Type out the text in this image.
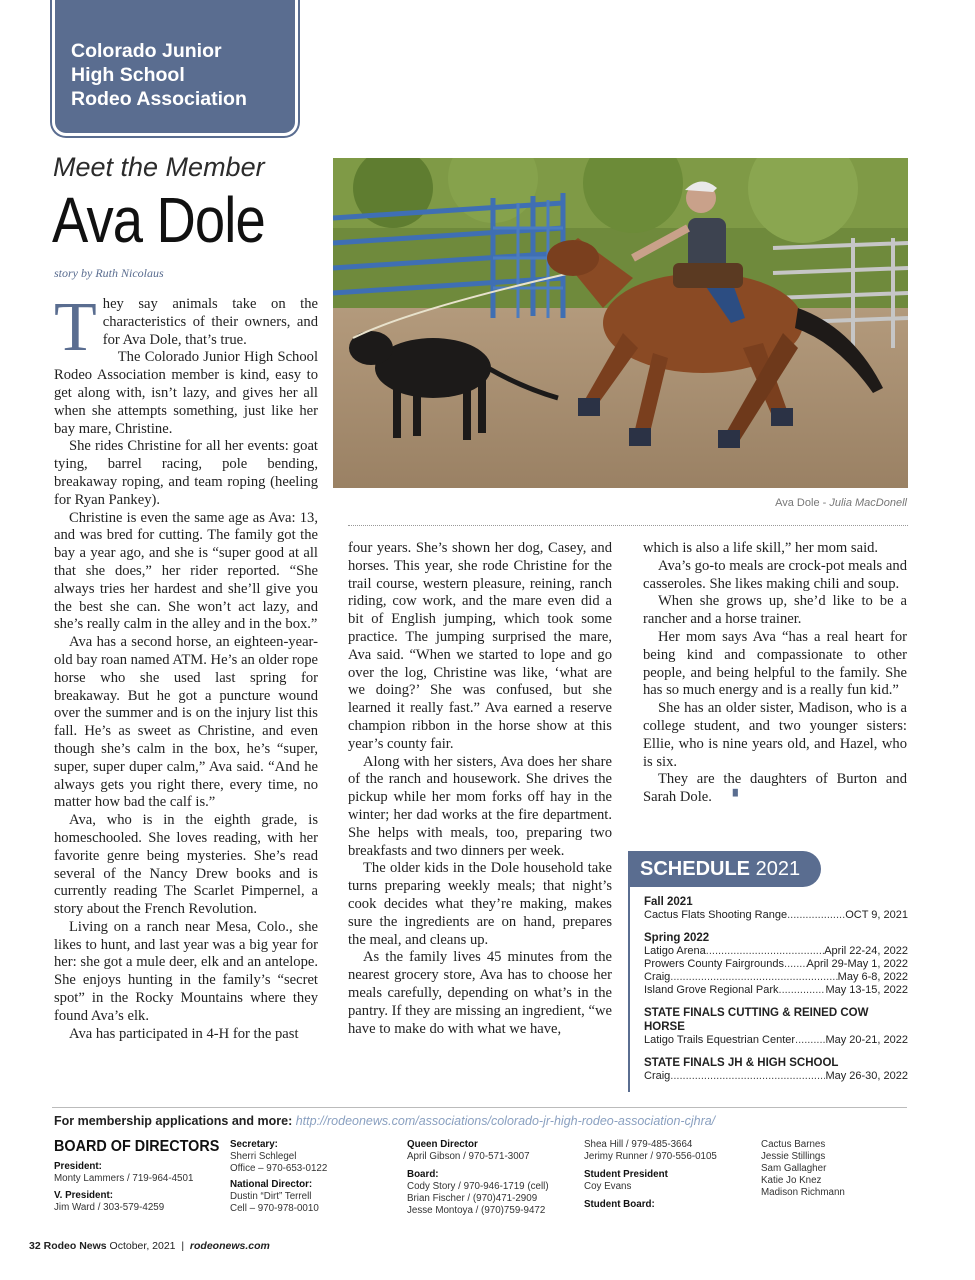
Colorado Junior
High School
Rodeo Association
Meet the Member
Ava Dole
story by Ruth Nicolaus
Ava Dole - Julia MacDonell

They say animals take on the characteristics of their owners, and for Ava Dole, that’s true.

The Colorado Junior High School Rodeo Association member is kind, easy to get along with, isn’t lazy, and gives her all when she attempts something, just like her bay mare, Christine.

She rides Christine for all her events: goat tying, barrel racing, pole bending, breakaway roping, and team roping (heeling for Ryan Pankey).

Christine is even the same age as Ava: 13, and was bred for cutting. The family got the bay a year ago, and she is “super good at all that she does,” her rider reported. “She always tries her hardest and she’ll give you the best she can. She won’t act lazy, and she’s really calm in the alley and in the box.”

Ava has a second horse, an eighteen-year-old bay roan named ATM. He’s an older rope horse who she used last spring for breakaway. But he got a puncture wound over the summer and is on the injury list this fall. He’s as sweet as Christine, and even though she’s calm in the box, he’s “super, super, super duper calm,” Ava said. “And he always gets you right there, every time, no matter how bad the calf is.”

Ava, who is in the eighth grade, is homeschooled. She loves reading, with her favorite genre being mysteries. She’s read several of the Nancy Drew books and is currently reading The Scarlet Pimpernel, a story about the French Revolution.

Living on a ranch near Mesa, Colo., she likes to hunt, and last year was a big year for her: she got a mule deer, elk and an antelope. She enjoys hunting in the family’s “secret spot” in the Rocky Mountains where they found Ava’s elk.

Ava has participated in 4-H for the past

four years. She’s shown her dog, Casey, and horses. This year, she rode Christine for the trail course, western pleasure, reining, ranch riding, cow work, and the mare even did a bit of English jumping, which took some practice. The jumping surprised the mare, Ava said. “When we started to lope and go over the log, Christine was like, ‘what are we doing?’ She was confused, but she learned it really fast.” Ava earned a reserve champion ribbon in the horse show at this year’s county fair.

Along with her sisters, Ava does her share of the ranch and housework. She drives the pickup while her mom forks off hay in the winter; her dad works at the fire department. She helps with meals, too, preparing two breakfasts and two dinners per week.

The older kids in the Dole household take turns preparing weekly meals; that night’s cook decides what they’re making, makes sure the ingredients are on hand, prepares the meal, and cleans up.

As the family lives 45 minutes from the nearest grocery store, Ava has to choose her meals carefully, depending on what’s in the pantry. If they are missing an ingredient, “we have to make do with what we have,

which is also a life skill,” her mom said.

Ava’s go-to meals are crock-pot meals and casseroles. She likes making chili and soup.

When she grows up, she’d like to be a rancher and a horse trainer.

Her mom says Ava “has a real heart for being kind and compassionate to other people, and being helpful to the family. She has so much energy and is a really fun kid.”

She has an older sister, Madison, who is a college student, and two younger sisters: Ellie, who is nine years old, and Hazel, who is six.

They are the daughters of Burton and Sarah Dole. ▘

SCHEDULE 2021
Fall 2021
Cactus Flats Shooting Range .....	OCT 9, 2021
Spring 2022
Latigo Arena .....	April 22-24, 2022
Prowers County Fairgrounds ..... April 29-May 1, 2022
Craig .....	May 6-8, 2022
Island Grove Regional Park .....	May 13-15, 2022
STATE FINALS CUTTING & REINED COW HORSE
Latigo Trails Equestrian Center .....	May 20-21, 2022
STATE FINALS JH & HIGH SCHOOL
Craig .....	May 26-30, 2022
For membership applications and more: http://rodeonews.com/associations/colorado-jr-high-rodeo-association-cjhra/
BOARD OF DIRECTORS
President:
Monty Lammers / 719-964-4501
V. President:
Jim Ward / 303-579-4259
Secretary:
Sherri Schlegel
Office – 970-653-0122
National Director:
Dustin “Dirt” Terrell
Cell – 970-978-0010
Queen Director
April Gibson / 970-571-3007
Board:
Cody Story / 970-946-1719 (cell)
Brian Fischer / (970)471-2909
Jesse Montoya / (970)759-9472
Shea Hill / 979-485-3664
Jerimy Runner / 970-556-0105
Student President
Coy Evans
Student Board:
Cactus Barnes
Jessie Stillings
Sam Gallagher
Katie Jo Knez
Madison Richmann
32 Rodeo News October, 2021  |  rodeonews.com
